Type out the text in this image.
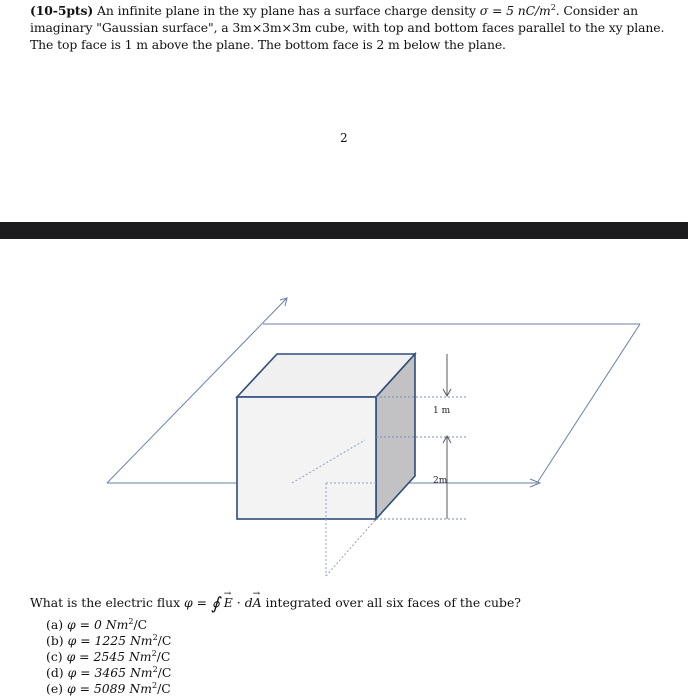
(10-5pts) An infinite plane in the xy plane has a surface charge density σ = 5 $nC/m^2$. Consider an imaginary "Gaussian surface", a 3m×3m×3m cube, with top and bottom faces parallel to the xy plane. The top face is 1 m above the plane. The bottom face is 2 m below the plane.
2
1 m
2m
What is the electric flux φ = ∮ → E · d→ A integrated over all six faces of the cube?
(a) φ = 0 Nm$^2$/C
(b) φ = 1225 Nm$^2$/C
(c) φ = 2545 Nm$^2$/C
(d) φ = 3465 Nm$^2$/C
(e) φ = 5089 Nm$^2$/C
